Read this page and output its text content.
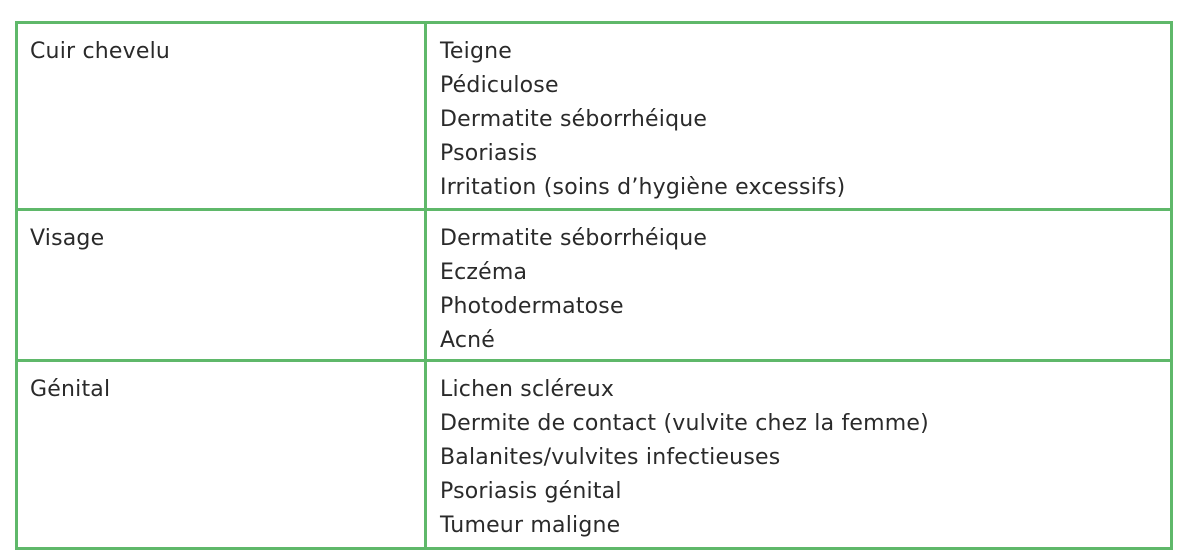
Cuir chevelu	Teigne
Pédiculose
Dermatite séborrhéique
Psoriasis
Irritation (soins d’hygiène excessifs)

Visage	Dermatite séborrhéique
Eczéma
Photodermatose
Acné

Génital	Lichen scléreux
Dermite de contact (vulvite chez la femme)
Balanites/vulvites infectieuses
Psoriasis génital
Tumeur maligne
